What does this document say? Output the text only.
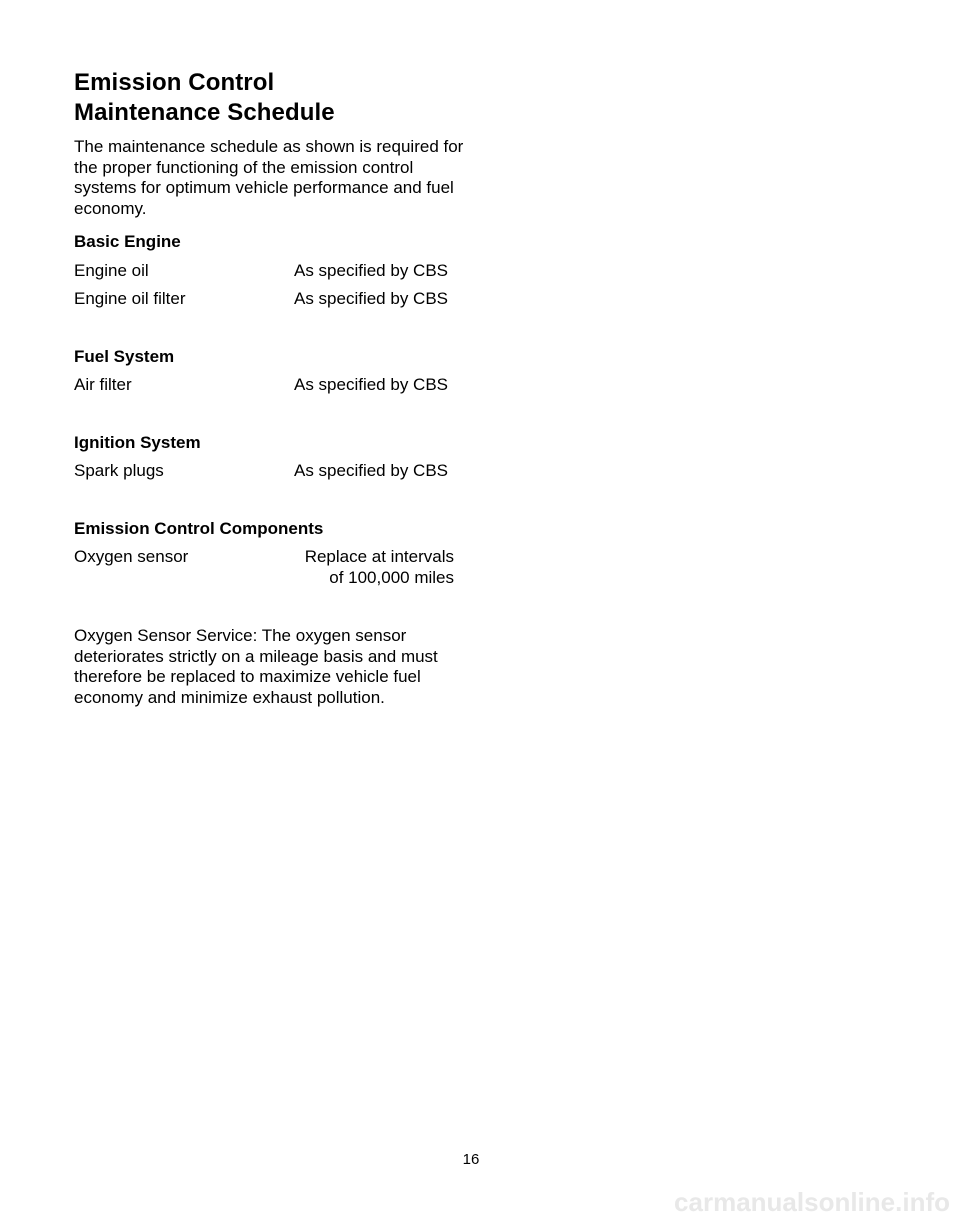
Emission Control
Maintenance Schedule

The maintenance schedule as shown is required for the proper functioning of the emission control systems for optimum vehicle performance and fuel economy.

Basic Engine
Engine oil	As specified by CBS
Engine oil filter	As specified by CBS
Fuel System
Air filter	As specified by CBS
Ignition System
Spark plugs	As specified by CBS
Emission Control Components
Oxygen sensor	Replace at intervals
of 100,000 miles

Oxygen Sensor Service: The oxygen sensor deteriorates strictly on a mileage basis and must therefore be replaced to maximize vehicle fuel economy and minimize exhaust pollution.

16
carmanualsonline.info
